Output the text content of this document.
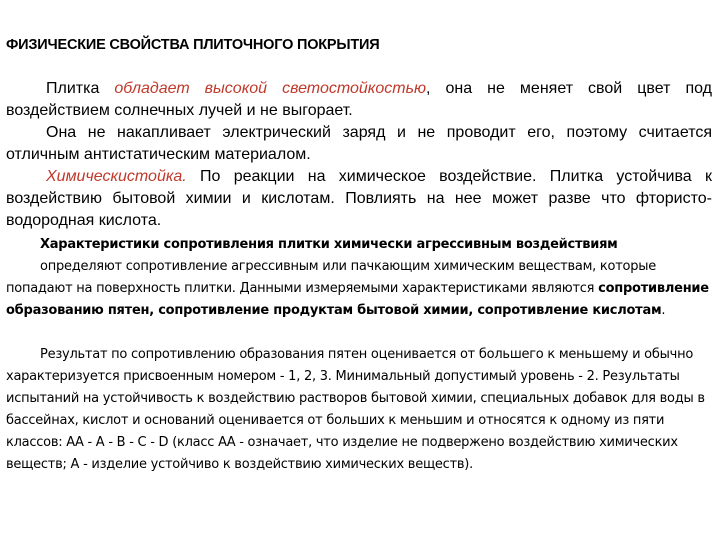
ФИЗИЧЕСКИЕ СВОЙСТВА ПЛИТОЧНОГО ПОКРЫТИЯ

Плитка обладает высокой светостойкостью, она не меняет свой цвет под воздействием солнечных лучей и не выгорает.

Она не накапливает электрический заряд и не проводит его, поэтому считается отличным антистатическим материалом.

Химическистойка. По реакции на химическое воздействие. Плитка устойчива к воздействию бытовой химии и кислотам. Повлиять на нее может разве что фтористо-водородная кислота.

Характеристики сопротивления плитки химически агрессивным воздействиям

определяют сопротивление агрессивным или пачкающим химическим веществам, которые попадают на поверхность плитки. Данными измеряемыми характеристиками являются сопротивление образованию пятен, сопротивление продуктам бытовой химии, сопротивление кислотам.

Результат по сопротивлению образования пятен оценивается от большего к меньшему и обычно характеризуется присвоенным номером - 1, 2, 3. Минимальный допустимый уровень - 2. Результаты испытаний на устойчивость к воздействию растворов бытовой химии, специальных добавок для воды в бассейнах, кислот и оснований оценивается от больших к меньшим и относятся к одному из пяти классов: АА - А - В - С - D (класс АА - означает, что изделие не подвержено воздействию химических веществ; А - изделие устойчиво к воздействию химических веществ).
